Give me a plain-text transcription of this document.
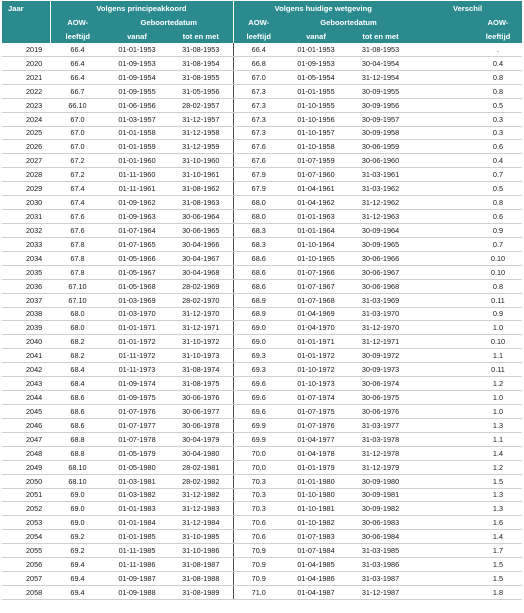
Jaar	Volgens principeakkoord			Volgens huidige wetgeving			Verschil	
	AOW-	Geboortedatum		AOW-	Geboortedatum			AOW-
	leeftijd	vanaf	tot en met	leeftijd	vanaf	tot en met		leeftijd
2019	66.4	01-01-1953	31-08-1953	66.4	01-01-1953	31-08-1953		.
2020	66.4	01-09-1953	31-08-1954	66.8	01-09-1953	30-04-1954		0.4
2021	66.4	01-09-1954	31-08-1955	67.0	01-05-1954	31-12-1954		0.8
2022	66.7	01-09-1955	31-05-1956	67.3	01-01-1955	30-09-1955		0.8
2023	66.10	01-06-1956	28-02-1957	67.3	01-10-1955	30-09-1956		0.5
2024	67.0	01-03-1957	31-12-1957	67.3	01-10-1956	30-09-1957		0.3
2025	67.0	01-01-1958	31-12-1958	67.3	01-10-1957	30-09-1958		0.3
2026	67.0	01-01-1959	31-12-1959	67.6	01-10-1958	30-06-1959		0.6
2027	67.2	01-01-1960	31-10-1960	67.6	01-07-1959	30-06-1960		0.4
2028	67.2	01-11-1960	31-10-1961	67.9	01-07-1960	31-03-1961		0.7
2029	67.4	01-11-1961	31-08-1962	67.9	01-04-1961	31-03-1962		0.5
2030	67.4	01-09-1962	31-08-1963	68.0	01-04-1962	31-12-1962		0.8
2031	67.6	01-09-1963	30-06-1964	68.0	01-01-1963	31-12-1963		0.6
2032	67.6	01-07-1964	30-06-1965	68.3	01-01-1964	30-09-1964		0.9
2033	67.8	01-07-1965	30-04-1966	68.3	01-10-1964	30-09-1965		0.7
2034	67.8	01-05-1966	30-04-1967	68.6	01-10-1965	30-06-1966		0.10
2035	67.8	01-05-1967	30-04-1968	68.6	01-07-1966	30-06-1967		0.10
2036	67.10	01-05-1968	28-02-1969	68.6	01-07-1967	30-06-1968		0.8
2037	67.10	01-03-1969	28-02-1970	68.9	01-07-1968	31-03-1969		0.11
2038	68.0	01-03-1970	31-12-1970	68.9	01-04-1969	31-03-1970		0.9
2039	68.0	01-01-1971	31-12-1971	69.0	01-04-1970	31-12-1970		1.0
2040	68.2	01-01-1972	31-10-1972	69.0	01-01-1971	31-12-1971		0.10
2041	68.2	01-11-1972	31-10-1973	69.3	01-01-1972	30-09-1972		1.1
2042	68.4	01-11-1973	31-08-1974	69.3	01-10-1972	30-09-1973		0.11
2043	68.4	01-09-1974	31-08-1975	69.6	01-10-1973	30-06-1974		1.2
2044	68.6	01-09-1975	30-06-1976	69.6	01-07-1974	30-06-1975		1.0
2045	68.6	01-07-1976	30-06-1977	69.6	01-07-1975	30-06-1976		1.0
2046	68.6	01-07-1977	30-06-1978	69.9	01-07-1976	31-03-1977		1.3
2047	68.8	01-07-1978	30-04-1979	69.9	01-04-1977	31-03-1978		1.1
2048	68.8	01-05-1979	30-04-1980	70.0	01-04-1978	31-12-1978		1.4
2049	68.10	01-05-1980	28-02-1981	70.0	01-01-1979	31-12-1979		1.2
2050	68.10	01-03-1981	28-02-1982	70.3	01-01-1980	30-09-1980		1.5
2051	69.0	01-03-1982	31-12-1982	70.3	01-10-1980	30-09-1981		1.3
2052	69.0	01-01-1983	31-12-1983	70.3	01-10-1981	30-09-1982		1.3
2053	69.0	01-01-1984	31-12-1984	70.6	01-10-1982	30-06-1983		1.6
2054	69.2	01-01-1985	31-10-1985	70.6	01-07-1983	30-06-1984		1.4
2055	69.2	01-11-1985	31-10-1986	70.9	01-07-1984	31-03-1985		1.7
2056	69.4	01-11-1986	31-08-1987	70.9	01-04-1985	31-03-1986		1.5
2057	69.4	01-09-1987	31-08-1988	70.9	01-04-1986	31-03-1987		1.5
2058	69.4	01-09-1988	31-08-1989	71.0	01-04-1987	31-12-1987		1.8
